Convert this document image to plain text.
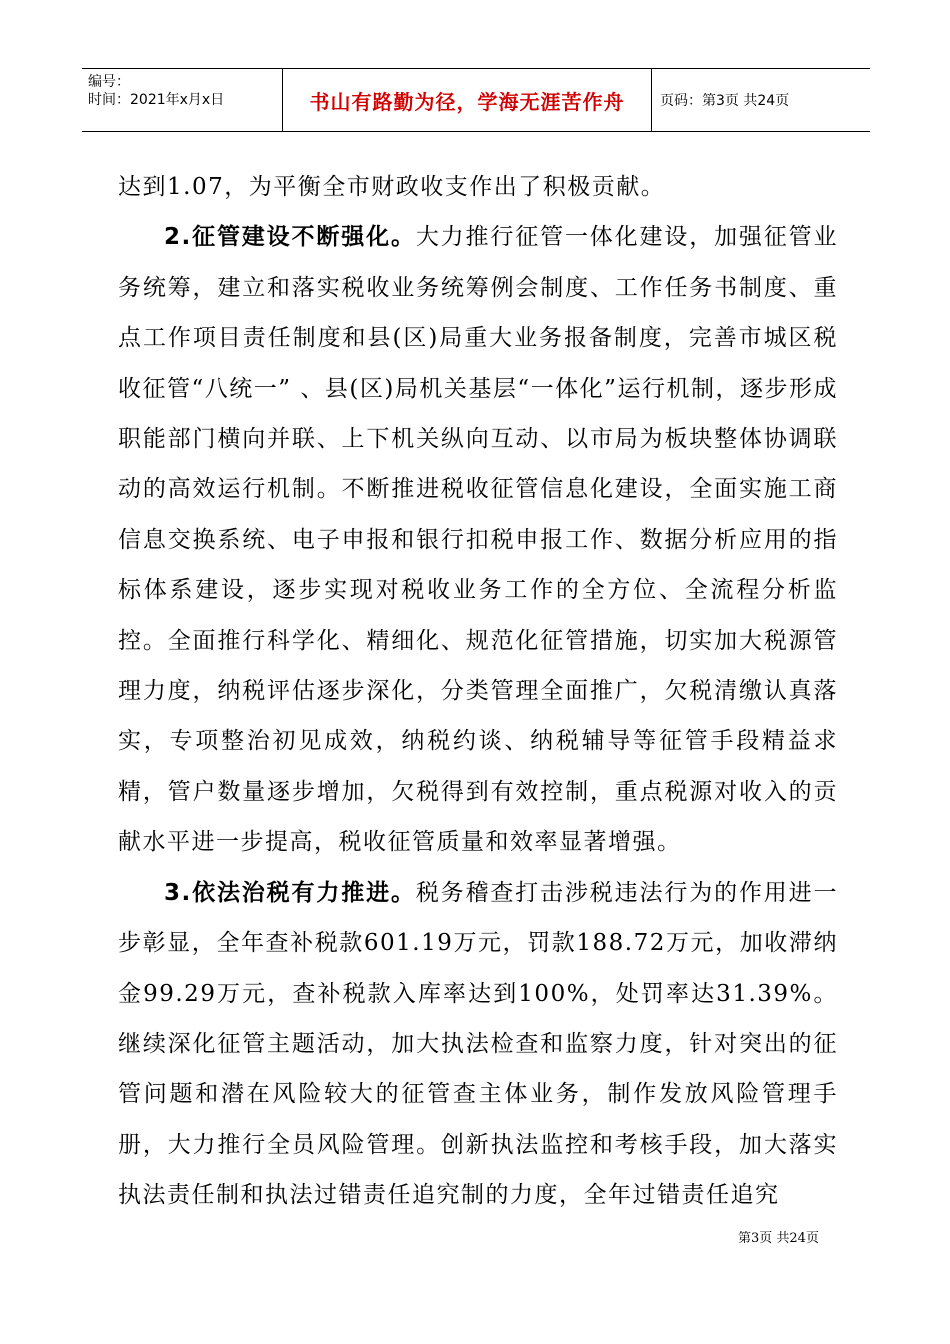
编号：
时间：2021年x月x日	书山有路勤为径，学海无涯苦作舟	页码：第3页 共24页

达到1.07，为平衡全市财政收支作出了积极贡献。

2.征管建设不断强化。大力推行征管一体化建设，加强征管业务统筹，建立和落实税收业务统筹例会制度、工作任务书制度、重点工作项目责任制度和县(区)局重大业务报备制度，完善市城区税收征管“八统一” 、县(区)局机关基层“一体化”运行机制，逐步形成职能部门横向并联、上下机关纵向互动、以市局为板块整体协调联动的高效运行机制。不断推进税收征管信息化建设，全面实施工商信息交换系统、电子申报和银行扣税申报工作、数据分析应用的指标体系建设，逐步实现对税收业务工作的全方位、全流程分析监控。全面推行科学化、精细化、规范化征管措施，切实加大税源管理力度，纳税评估逐步深化，分类管理全面推广，欠税清缴认真落实，专项整治初见成效，纳税约谈、纳税辅导等征管手段精益求精，管户数量逐步增加，欠税得到有效控制，重点税源对收入的贡献水平进一步提高，税收征管质量和效率显著增强。

3.依法治税有力推进。税务稽查打击涉税违法行为的作用进一步彰显，全年查补税款601.19万元，罚款188.72万元，加收滞纳金99.29万元，查补税款入库率达到100%，处罚率达31.39%。继续深化征管主题活动，加大执法检查和监察力度，针对突出的征管问题和潜在风险较大的征管查主体业务，制作发放风险管理手册，大力推行全员风险管理。创新执法监控和考核手段，加大落实执法责任制和执法过错责任追究制的力度，全年过错责任追究

第3页 共24页
